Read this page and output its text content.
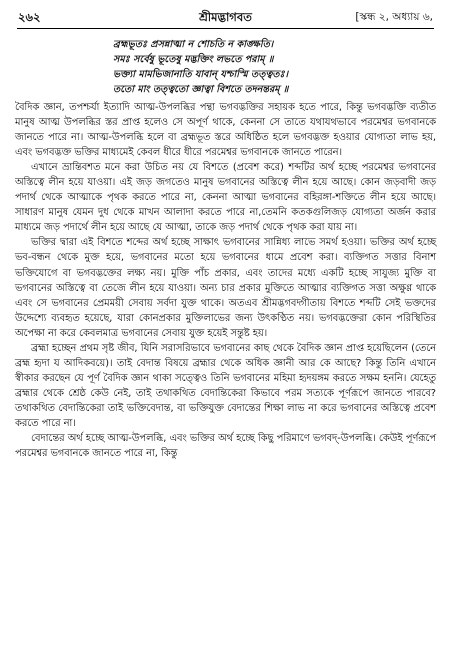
২৬২	শ্রীমদ্ভাগবত	[স্কন্ধ ২, অধ্যায় ৬,
ব্রহ্মভূতঃ প্রসন্নাত্মা ন শোচতি ন কাঙ্ক্ষতি।
সমঃ সর্বেষু ভূতেষু মদ্ভক্তিং লভতে পরাম্ ॥
ভক্ত্যা মামভিজানাতি যাবান্ যশ্চাস্মি তত্ত্বতঃ।
ততো মাং তত্ত্বতো জ্ঞাত্বা বিশতে তদনন্তরম্ ॥

বৈদিক জ্ঞান, তপশ্চর্যা ইত্যাদি আত্ম-উপলব্ধির পন্থা ভগবদ্ভক্তির সহায়ক হতে পারে, কিন্তু ভগবদ্ভক্তি ব্যতীত মানুষ আত্ম উপলব্ধির স্তর প্রাপ্ত হলেও সে অপূর্ণ থাকে, কেননা সে তাতে যথাযথভাবে পরমেশ্বর ভগবানকে জানতে পারে না। আত্ম-উপলব্ধি হলে বা ব্রহ্মভূত স্তরে অধিষ্ঠিত হলে ভগবদ্ভক্ত হওয়ার যোগ্যতা লাভ হয়, এবং ভগবদ্ভক্ত ভক্তির মাধ্যমেই কেবল ধীরে ধীরে পরমেশ্বর ভগবানকে জানতে পারেন।

এখানে ভ্রান্তিবশত মনে করা উচিত নয় যে বিশতে (প্রবেশ করে) শব্দটির অর্থ হচ্ছে পরমেশ্বর ভগবানের অস্তিত্বে লীন হয়ে যাওয়া। এই জড় জগতেও মানুষ ভগবানের অস্তিত্বে লীন হয়ে আছে। কোন জড়বাদী জড় পদার্থ থেকে আত্মাকে পৃথক করতে পারে না, কেননা আত্মা ভগবানের বহিরঙ্গা-শক্তিতে লীন হয়ে আছে। সাধারণ মানুষ যেমন দুধ থেকে মাখন আলাদা করতে পারে না,তেমনি কতকগুলিজড় যোগ্যতা অর্জন করার মাধ্যমে জড় পদার্থে লীন হয়ে আছে যে আত্মা, তাকে জড় পদার্থ থেকে পৃথক করা যায় না।

ভক্তির দ্বারা এই বিশতে শব্দের অর্থ হচ্ছে সাক্ষাৎ ভগবানের সান্নিধ্য লাভে সমর্থ হওয়া। ভক্তির অর্থ হচ্ছে ভব-বন্ধন থেকে মুক্ত হয়ে, ভগবানের মতো হয়ে ভগবানের ধামে প্রবেশ করা। ব্যক্তিগত সত্তার বিনাশ ভক্তিযোগে বা ভগবদ্ভক্তের লক্ষ্য নয়। মুক্তি পাঁচ প্রকার, এবং তাদের মধ্যে একটি হচ্ছে সাযুজ্য মুক্তি বা ভগবানের অস্তিত্বে বা তেজে লীন হয়ে যাওয়া। অন্য চার প্রকার মুক্তিতে আত্মার ব্যক্তিগত সত্তা অক্ষুণ্ণ থাকে এবং সে ভগবানের প্রেমময়ী সেবায় সর্বদা যুক্ত থাকে। অতএব শ্রীমদ্ভগবদ্গীতায় বিশতে শব্দটি সেই ভক্তদের উদ্দেশ্যে ব্যবহৃত হয়েছে, যারা কোনপ্রকার মুক্তিলাভের জন্য উৎকণ্ঠিত নয়। ভগবদ্ভক্তেরা কোন পরিস্থিতির অপেক্ষা না করে কেবলমাত্র ভগবানের সেবায় যুক্ত হয়েই সন্তুষ্ট হয়।

ব্রহ্মা হচ্ছেন প্রথম সৃষ্ট জীব, যিনি সরাসরিভাবে ভগবানের কাছ থেকে বৈদিক জ্ঞান প্রাপ্ত হয়েছিলেন (তেনে ব্রহ্ম হৃদা য আদিকবয়ে)। তাই বেদান্ত বিষয়ে ব্রহ্মার থেকে অধিক জ্ঞানী আর কে আছে? কিন্তু তিনি এখানে স্বীকার করছেন যে পূর্ণ বৈদিক জ্ঞান থাকা সত্ত্বেও তিনি ভগবানের মহিমা হৃদয়ঙ্গম করতে সক্ষম হননি। যেহেতু ব্রহ্মার থেকে শ্রেষ্ঠ কেউ নেই, তাই তথাকথিত বেদান্তিকেরা কিভাবে পরম সত্যকে পূর্ণরূপে জানতে পারবে? তথাকথিত বেদান্তিকেরা তাই ভক্তিবেদান্ত, বা ভক্তিযুক্ত বেদান্তের শিক্ষা লাভ না করে ভগবানের অস্তিত্বে প্রবেশ করতে পারে না।

বেদান্তের অর্থ হচ্ছে আত্ম-উপলব্ধি, এবং ভক্তির অর্থ হচ্ছে কিছু পরিমাণে ভগবদ্-উপলব্ধি। কেউই পূর্ণরূপে পরমেশ্বর ভগবানকে জানতে পারে না, কিন্তু
